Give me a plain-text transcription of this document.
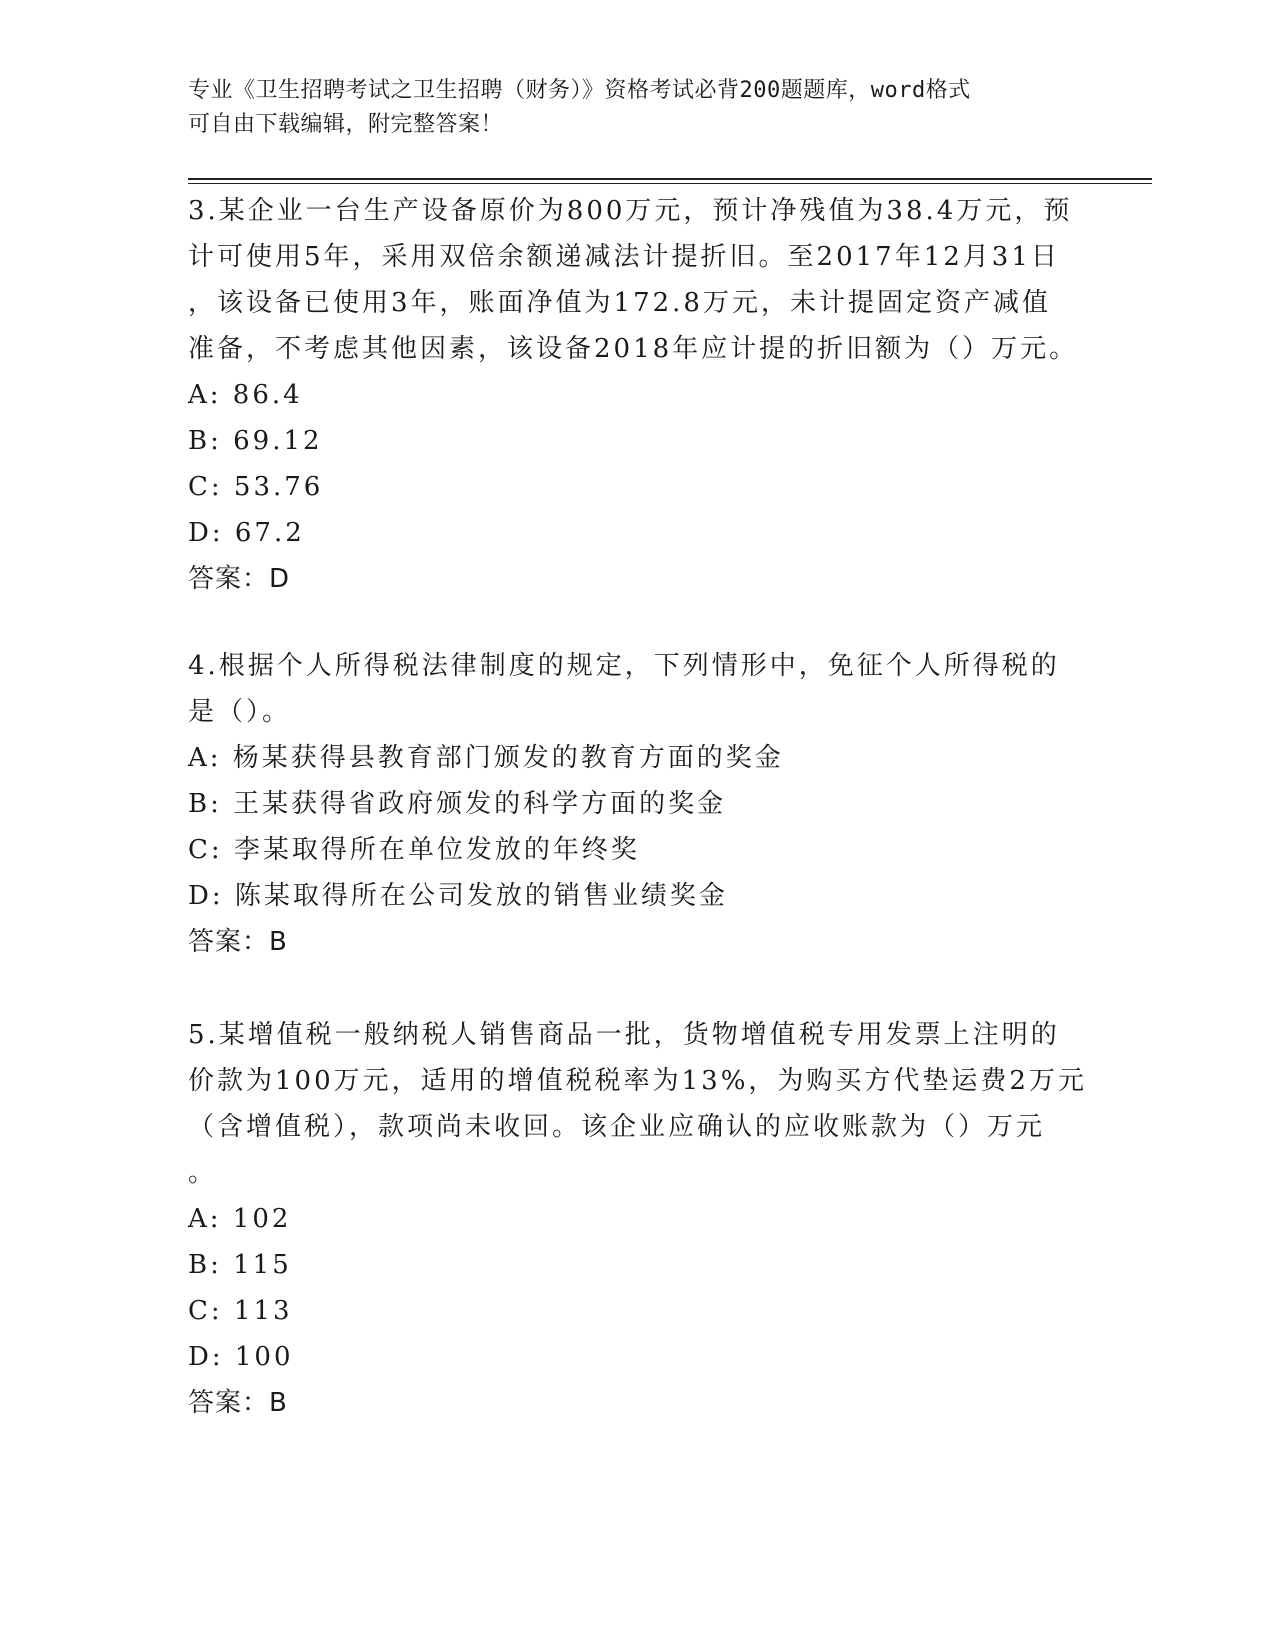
专业《卫生招聘考试之卫生招聘（财务）》资格考试必背200题题库，word格式
可自由下载编辑，附完整答案！
3.某企业一台生产设备原价为800万元，预计净残值为38.4万元，预
计可使用5年，采用双倍余额递减法计提折旧。至2017年12月31日
，该设备已使用3年，账面净值为172.8万元，未计提固定资产减值
准备，不考虑其他因素，该设备2018年应计提的折旧额为（）万元。
A: 86.4
B: 69.12
C: 53.76
D: 67.2
答案：D
4.根据个人所得税法律制度的规定，下列情形中，免征个人所得税的
是（）。
A: 杨某获得县教育部门颁发的教育方面的奖金
B: 王某获得省政府颁发的科学方面的奖金
C: 李某取得所在单位发放的年终奖
D: 陈某取得所在公司发放的销售业绩奖金
答案：B
5.某增值税一般纳税人销售商品一批，货物增值税专用发票上注明的
价款为100万元，适用的增值税税率为13%，为购买方代垫运费2万元
（含增值税），款项尚未收回。该企业应确认的应收账款为（）万元
。
A: 102
B: 115
C: 113
D: 100
答案：B
